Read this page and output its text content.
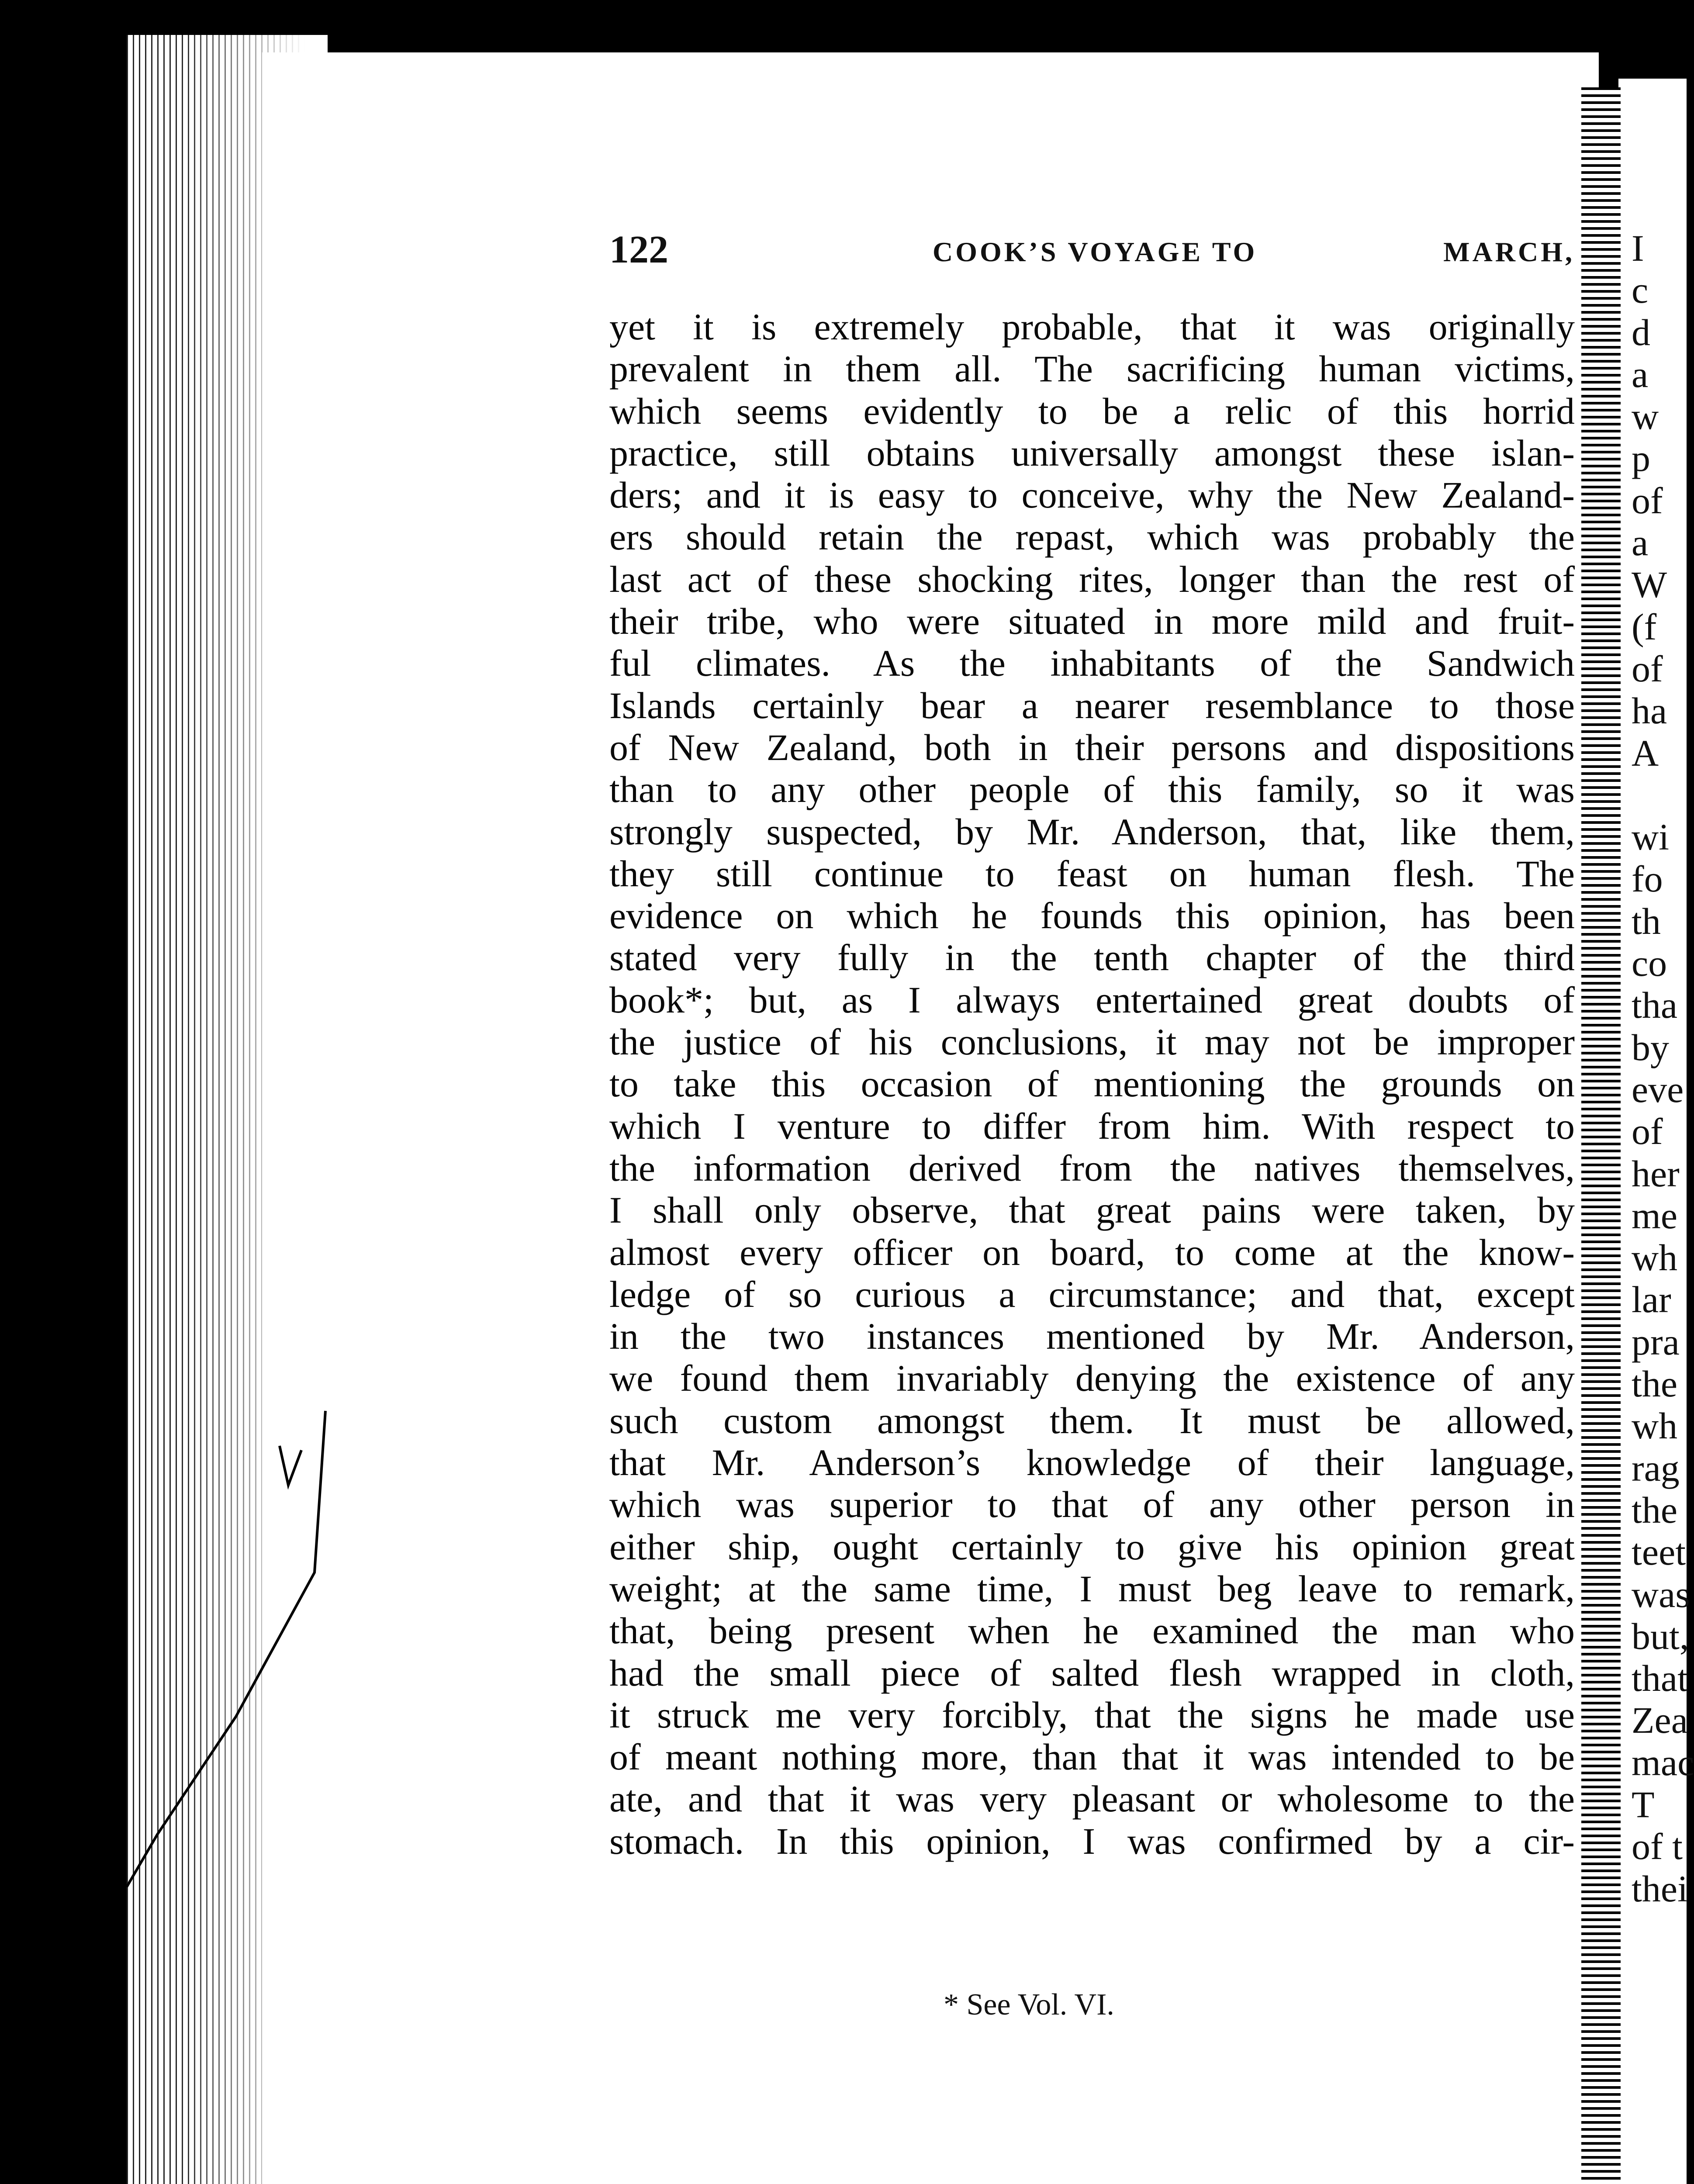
122	COOK’S VOYAGE TO	MARCH,
yet it is extremely probable, that it was originally
prevalent in them all. The sacrificing human victims,
which seems evidently to be a relic of this horrid
practice, still obtains universally amongst these islan-
ders; and it is easy to conceive, why the New Zealand-
ers should retain the repast, which was probably the
last act of these shocking rites, longer than the rest of
their tribe, who were situated in more mild and fruit-
ful climates. As the inhabitants of the Sandwich
Islands certainly bear a nearer resemblance to those
of New Zealand, both in their persons and dispositions
than to any other people of this family, so it was
strongly suspected, by Mr. Anderson, that, like them,
they still continue to feast on human flesh. The
evidence on which he founds this opinion, has been
stated very fully in the tenth chapter of the third
book*; but, as I always entertained great doubts of
the justice of his conclusions, it may not be improper
to take this occasion of mentioning the grounds on
which I venture to differ from him. With respect to
the information derived from the natives themselves,
I shall only observe, that great pains were taken, by
almost every officer on board, to come at the know-
ledge of so curious a circumstance; and that, except
in the two instances mentioned by Mr. Anderson,
we found them invariably denying the existence of any
such custom amongst them. It must be allowed,
that Mr. Anderson’s knowledge of their language,
which was superior to that of any other person in
either ship, ought certainly to give his opinion great
weight; at the same time, I must beg leave to remark,
that, being present when he examined the man who
had the small piece of salted flesh wrapped in cloth,
it struck me very forcibly, that the signs he made use
of meant nothing more, than that it was intended to be
ate, and that it was very pleasant or wholesome to the
stomach. In this opinion, I was confirmed by a cir-
* See Vol. VI.
I
c
d
a
w
p
of
a
W
(f
of
ha
A

wi
fo
th
co
tha
by
eve
of
her
me
wh
lar
pra
the
wh
rag
the
teet
was
but,
that
Zea
mac
T
of t
thei
